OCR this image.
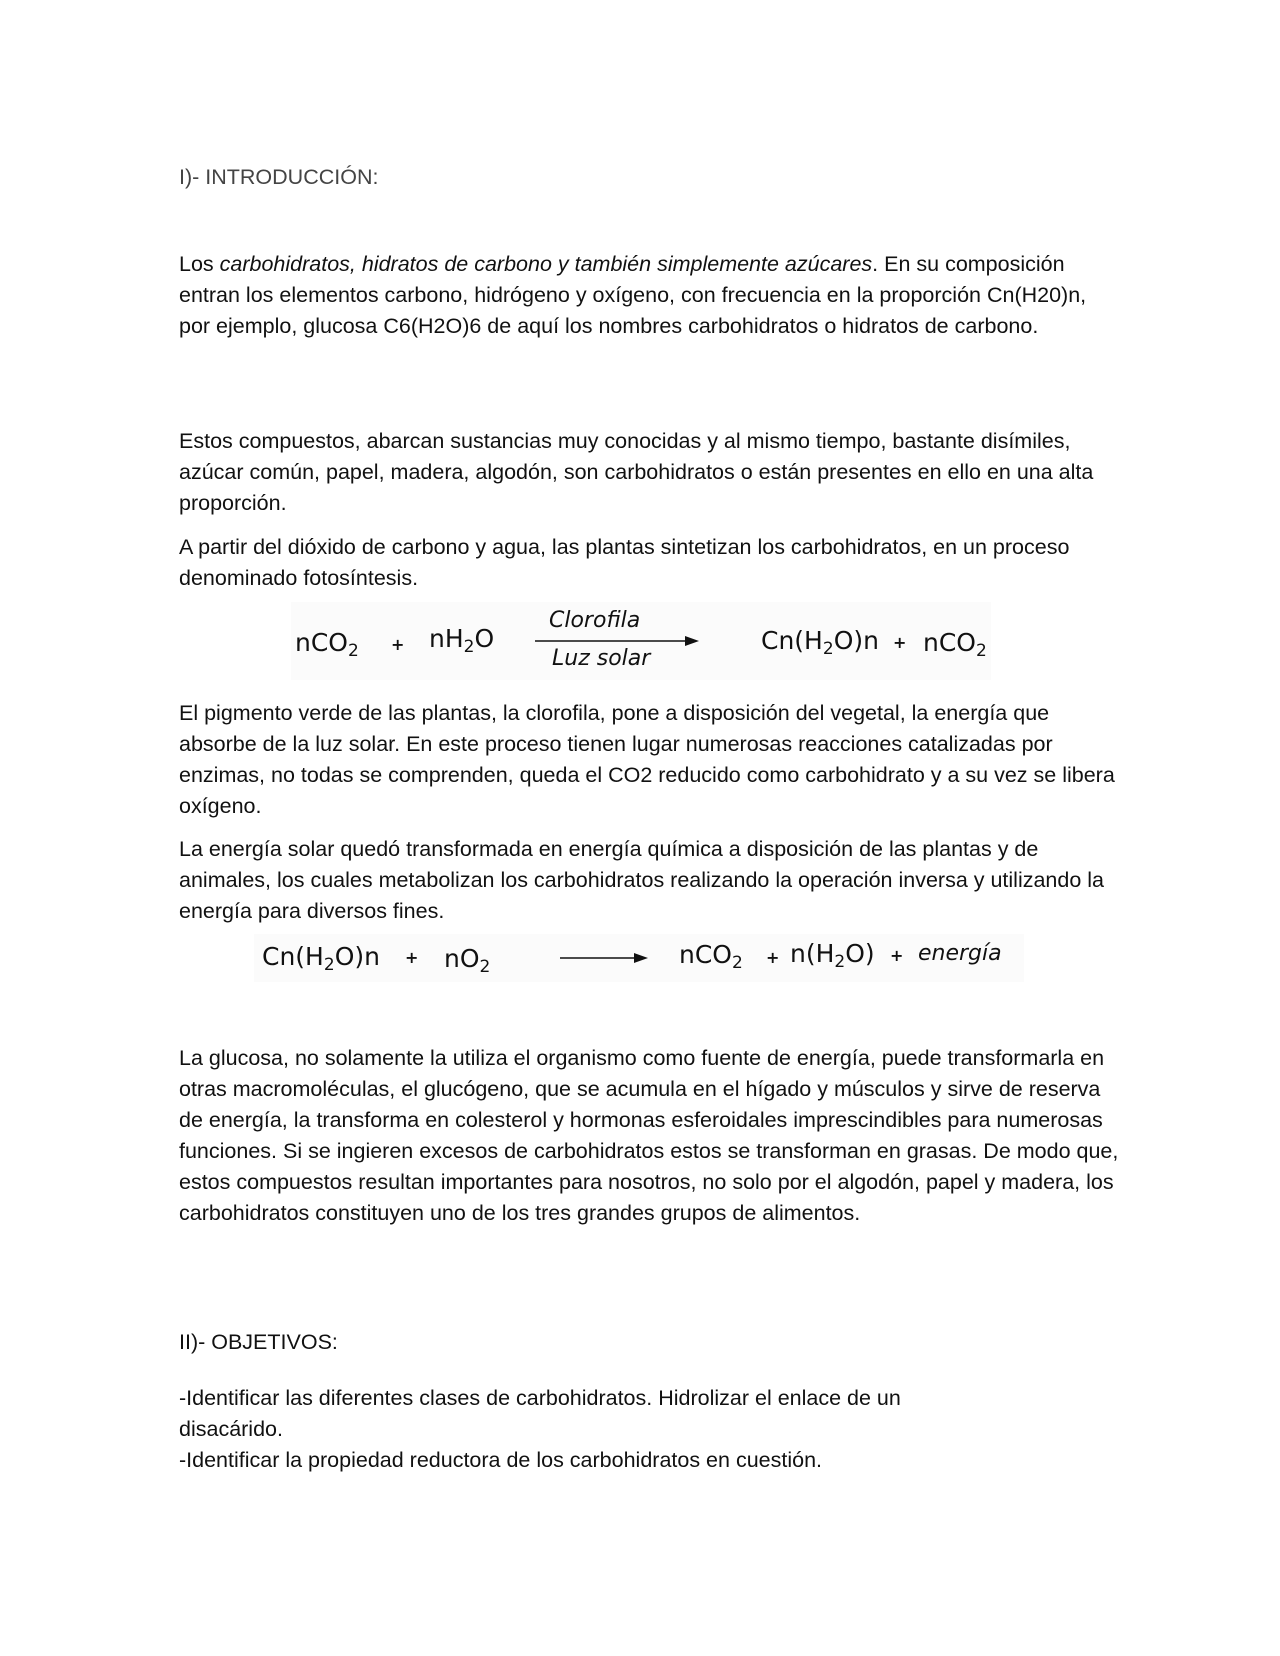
I)- INTRODUCCIÓN:

Los carbohidratos, hidratos de carbono y también simplemente azúcares. En su composición entran los elementos carbono, hidrógeno y oxígeno, con frecuencia en la proporción Cn(H20)n, por ejemplo, glucosa C6(H2O)6 de aquí los nombres carbohidratos o hidratos de carbono.

Estos compuestos, abarcan sustancias muy conocidas y al mismo tiempo, bastante disímiles, azúcar común, papel, madera, algodón, son carbohidratos o están presentes en ello en una alta proporción.

A partir del dióxido de carbono y agua, las plantas sintetizan los carbohidratos, en un proceso denominado fotosíntesis.

$nCO_2 + nH_2O$
Clorofila
Luz solar
$Cn(H_2O)n + nCO_2$

El pigmento verde de las plantas, la clorofila, pone a disposición del vegetal, la energía que absorbe de la luz solar. En este proceso tienen lugar numerosas reacciones catalizadas por enzimas, no todas se comprenden, queda el CO2 reducido como carbohidrato y a su vez se libera oxígeno.

La energía solar quedó transformada en energía química a disposición de las plantas y de animales, los cuales metabolizan los carbohidratos realizando la operación inversa y utilizando la energía para diversos fines.

$Cn(H_2O)n + nO_2$	$nCO_2 + n(H_2O)$ + energía

La glucosa, no solamente la utiliza el organismo como fuente de energía, puede transformarla en otras macromoléculas, el glucógeno, que se acumula en el hígado y músculos y sirve de reserva de energía, la transforma en colesterol y hormonas esferoidales imprescindibles para numerosas funciones. Si se ingieren excesos de carbohidratos estos se transforman en grasas. De modo que, estos compuestos resultan importantes para nosotros, no solo por el algodón, papel y madera, los carbohidratos constituyen uno de los tres grandes grupos de alimentos.

II)- OBJETIVOS:

-Identificar las diferentes clases de carbohidratos. Hidrolizar el enlace de un
disacárido.
-Identificar la propiedad reductora de los carbohidratos en cuestión.
